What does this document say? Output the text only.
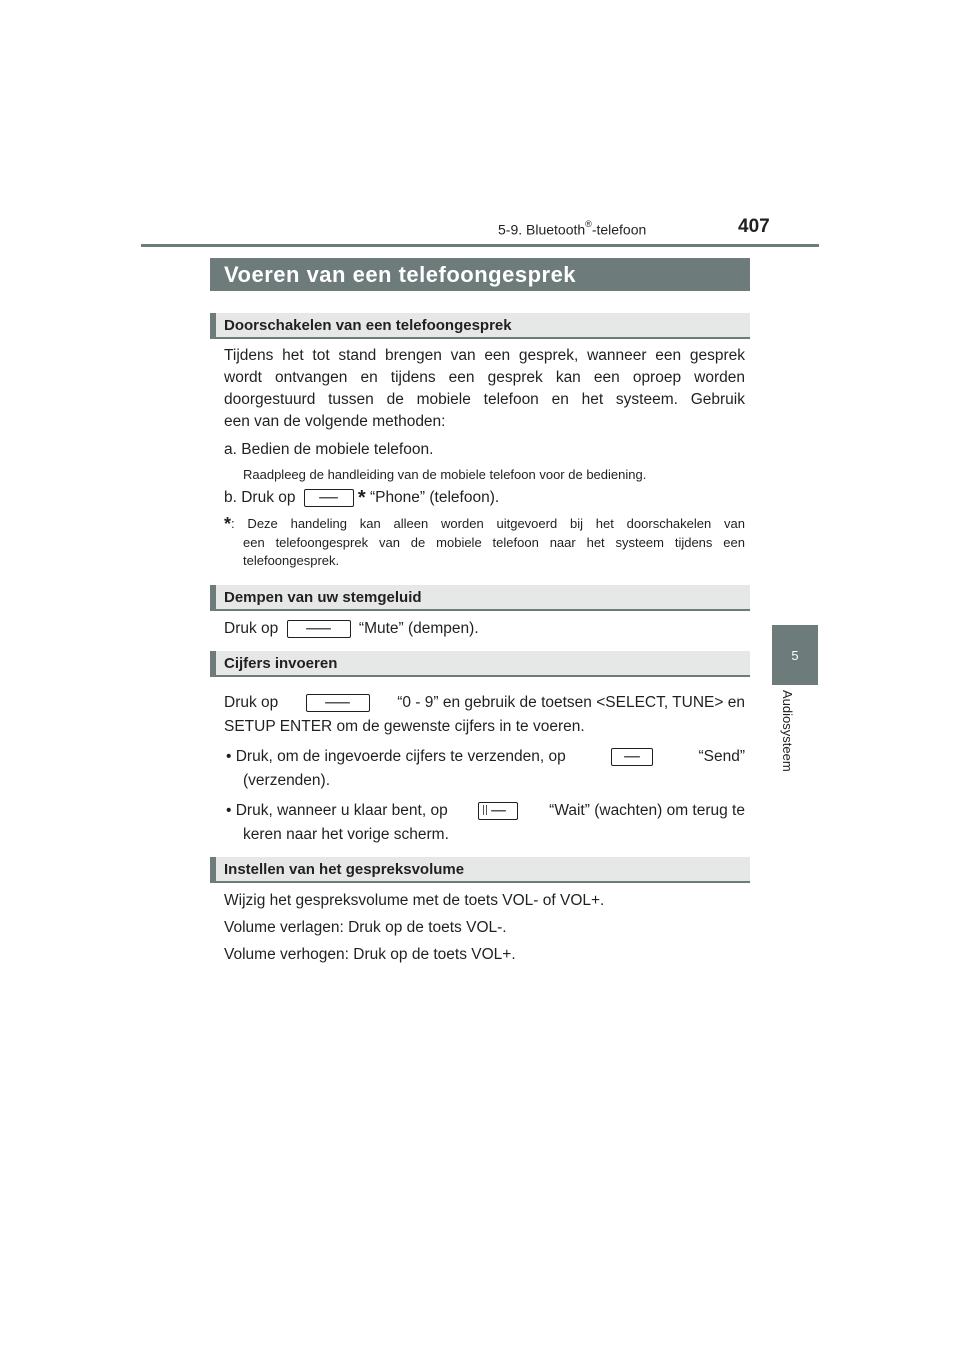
5-9. Bluetooth®-telefoon	407
5
Audiosysteem
Voeren van een telefoongesprek
Doorschakelen van een telefoongesprek
Tijdens het tot stand brengen van een gesprek, wanneer een gesprek
wordt ontvangen en tijdens een gesprek kan een oproep worden
doorgestuurd tussen de mobiele telefoon en het systeem. Gebruik
een van de volgende methoden:
a. Bedien de mobiele telefoon.
Raadpleeg de handleiding van de mobiele telefoon voor de bediening.
b. Druk op	* “Phone” (telefoon).
*: Deze handeling kan alleen worden uitgevoerd bij het doorschakelen van
een telefoongesprek van de mobiele telefoon naar het systeem tijdens een
telefoongesprek.
Dempen van uw stemgeluid
Druk op	“Mute” (dempen).
Cijfers invoeren
Druk op	“0 - 9” en gebruik de toetsen <SELECT, TUNE> en
SETUP ENTER om de gewenste cijfers in te voeren.
• Druk, om de ingevoerde cijfers te verzenden, op	“Send”
(verzenden).
• Druk, wanneer u klaar bent, op	“Wait” (wachten) om terug te
keren naar het vorige scherm.
Instellen van het gespreksvolume
Wijzig het gespreksvolume met de toets VOL- of VOL+.
Volume verlagen: Druk op de toets VOL-.
Volume verhogen: Druk op de toets VOL+.
